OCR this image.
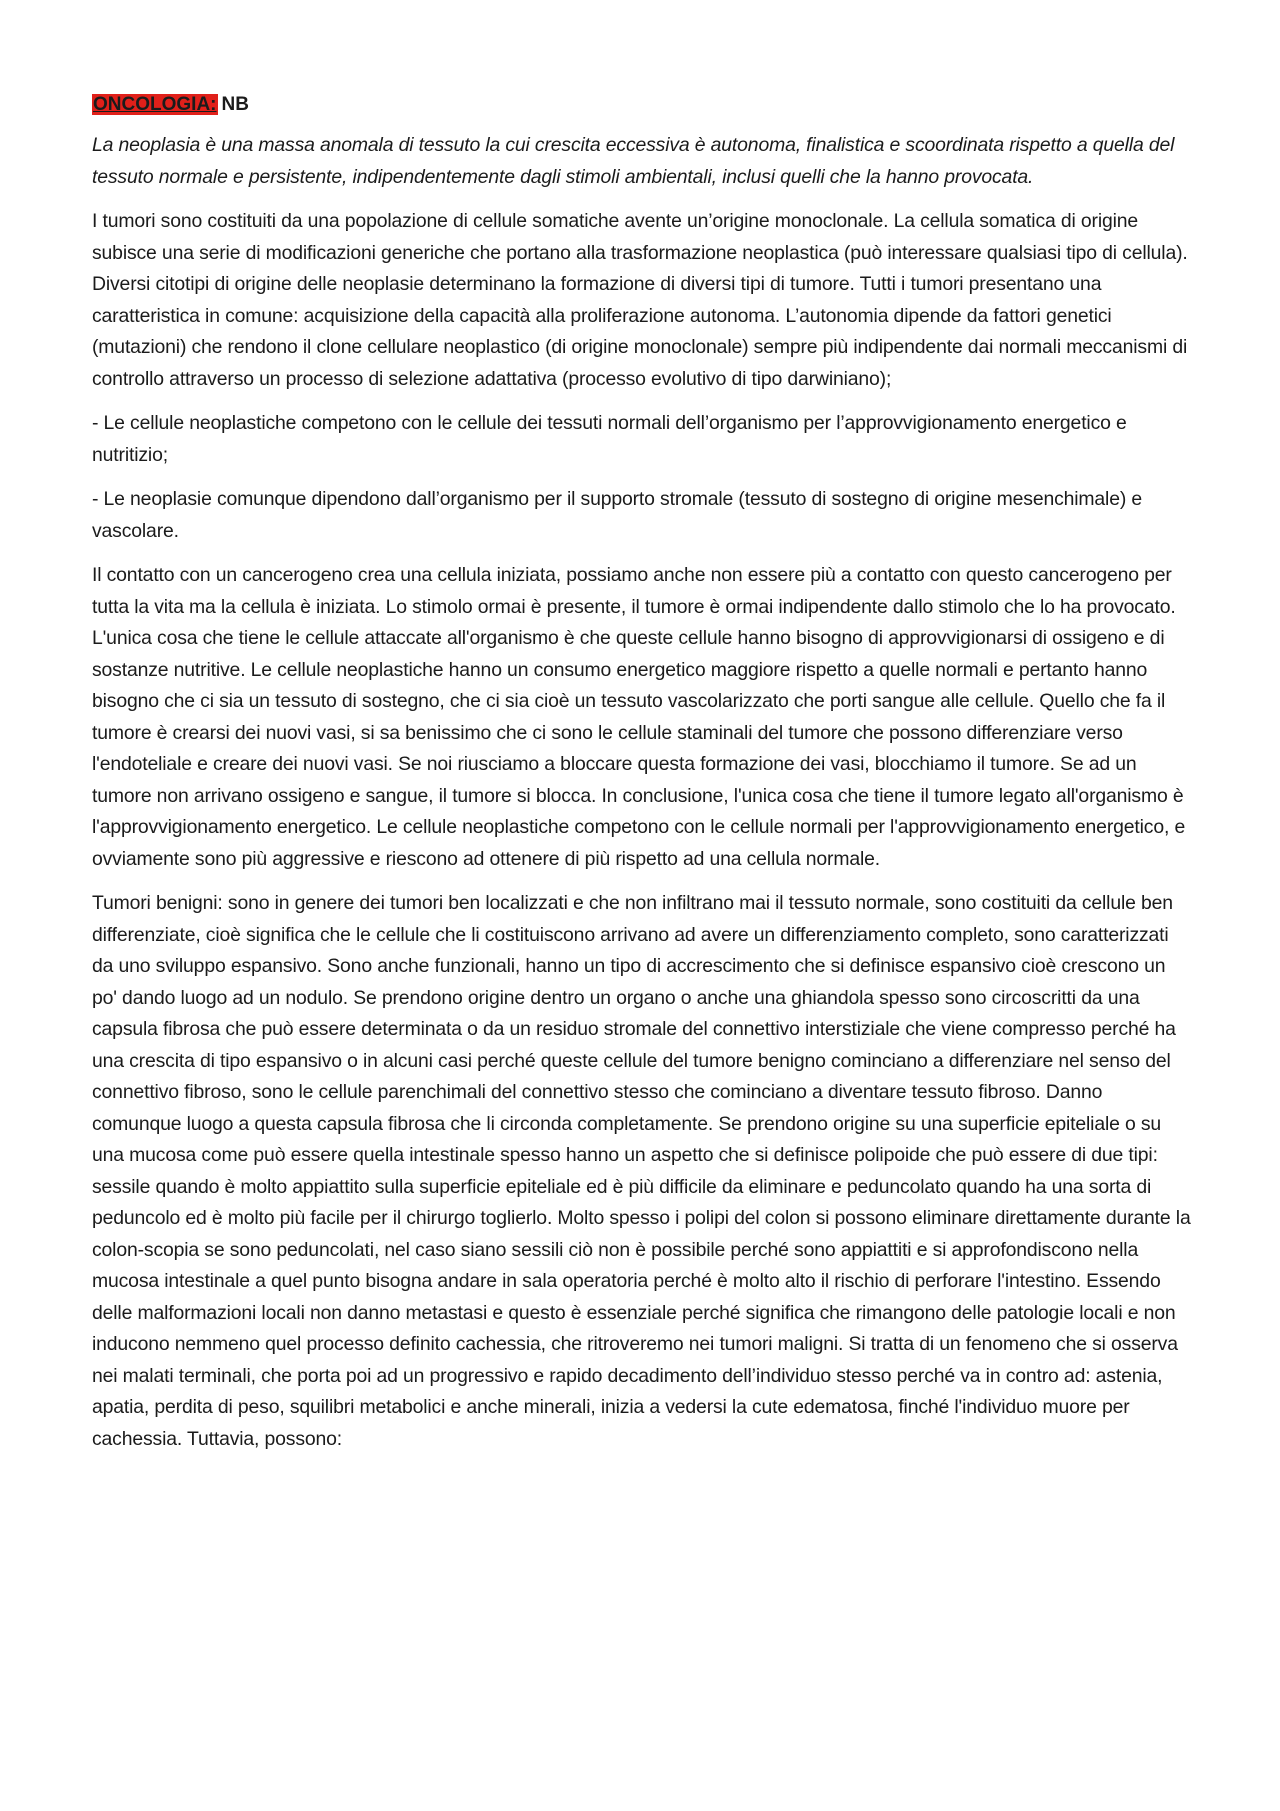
ONCOLOGIA: NB

La neoplasia è una massa anomala di tessuto la cui crescita eccessiva è autonoma, finalistica e scoordinata rispetto a quella del tessuto normale e persistente, indipendentemente dagli stimoli ambientali, inclusi quelli che la hanno provocata.

I tumori sono costituiti da una popolazione di cellule somatiche avente un’origine monoclonale. La cellula somatica di origine subisce una serie di modificazioni generiche che portano alla trasformazione neoplastica (può interessare qualsiasi tipo di cellula). Diversi citotipi di origine delle neoplasie determinano la formazione di diversi tipi di tumore. Tutti i tumori presentano una caratteristica in comune: acquisizione della capacità alla proliferazione autonoma. L’autonomia dipende da fattori genetici (mutazioni) che rendono il clone cellulare neoplastico (di origine monoclonale) sempre più indipendente dai normali meccanismi di controllo attraverso un processo di selezione adattativa (processo evolutivo di tipo darwiniano);

- Le cellule neoplastiche competono con le cellule dei tessuti normali dell’organismo per l’approvvigionamento energetico e nutritizio;

- Le neoplasie comunque dipendono dall’organismo per il supporto stromale (tessuto di sostegno di origine mesenchimale) e vascolare.

Il contatto con un cancerogeno crea una cellula iniziata, possiamo anche non essere più a contatto con questo cancerogeno per tutta la vita ma la cellula è iniziata. Lo stimolo ormai è presente, il tumore è ormai indipendente dallo stimolo che lo ha provocato. L'unica cosa che tiene le cellule attaccate all'organismo è che queste cellule hanno bisogno di approvvigionarsi di ossigeno e di sostanze nutritive. Le cellule neoplastiche hanno un consumo energetico maggiore rispetto a quelle normali e pertanto hanno bisogno che ci sia un tessuto di sostegno, che ci sia cioè un tessuto vascolarizzato che porti sangue alle cellule. Quello che fa il tumore è crearsi dei nuovi vasi, si sa benissimo che ci sono le cellule staminali del tumore che possono differenziare verso l'endoteliale e creare dei nuovi vasi. Se noi riusciamo a bloccare questa formazione dei vasi, blocchiamo il tumore. Se ad un tumore non arrivano ossigeno e sangue, il tumore si blocca. In conclusione, l'unica cosa che tiene il tumore legato all'organismo è l'approvvigionamento energetico. Le cellule neoplastiche competono con le cellule normali per l'approvvigionamento energetico, e ovviamente sono più aggressive e riescono ad ottenere di più rispetto ad una cellula normale.

Tumori benigni: sono in genere dei tumori ben localizzati e che non infiltrano mai il tessuto normale, sono costituiti da cellule ben differenziate, cioè significa che le cellule che li costituiscono arrivano ad avere un differenziamento completo, sono caratterizzati da uno sviluppo espansivo. Sono anche funzionali, hanno un tipo di accrescimento che si definisce espansivo cioè crescono un po' dando luogo ad un nodulo. Se prendono origine dentro un organo o anche una ghiandola spesso sono circoscritti da una capsula fibrosa che può essere determinata o da un residuo stromale del connettivo interstiziale che viene compresso perché ha una crescita di tipo espansivo o in alcuni casi perché queste cellule del tumore benigno cominciano a differenziare nel senso del connettivo fibroso, sono le cellule parenchimali del connettivo stesso che cominciano a diventare tessuto fibroso. Danno comunque luogo a questa capsula fibrosa che li circonda completamente. Se prendono origine su una superficie epiteliale o su una mucosa come può essere quella intestinale spesso hanno un aspetto che si definisce polipoide che può essere di due tipi: sessile quando è molto appiattito sulla superficie epiteliale ed è più difficile da eliminare e peduncolato quando ha una sorta di peduncolo ed è molto più facile per il chirurgo toglierlo. Molto spesso i polipi del colon si possono eliminare direttamente durante la colon-scopia se sono peduncolati, nel caso siano sessili ciò non è possibile perché sono appiattiti e si approfondiscono nella mucosa intestinale a quel punto bisogna andare in sala operatoria perché è molto alto il rischio di perforare l'intestino. Essendo delle malformazioni locali non danno metastasi e questo è essenziale perché significa che rimangono delle patologie locali e non inducono nemmeno quel processo definito cachessia, che ritroveremo nei tumori maligni. Si tratta di un fenomeno che si osserva nei malati terminali, che porta poi ad un progressivo e rapido decadimento dell’individuo stesso perché va in contro ad: astenia, apatia, perdita di peso, squilibri metabolici e anche minerali, inizia a vedersi la cute edematosa, finché l'individuo muore per cachessia. Tuttavia, possono:
